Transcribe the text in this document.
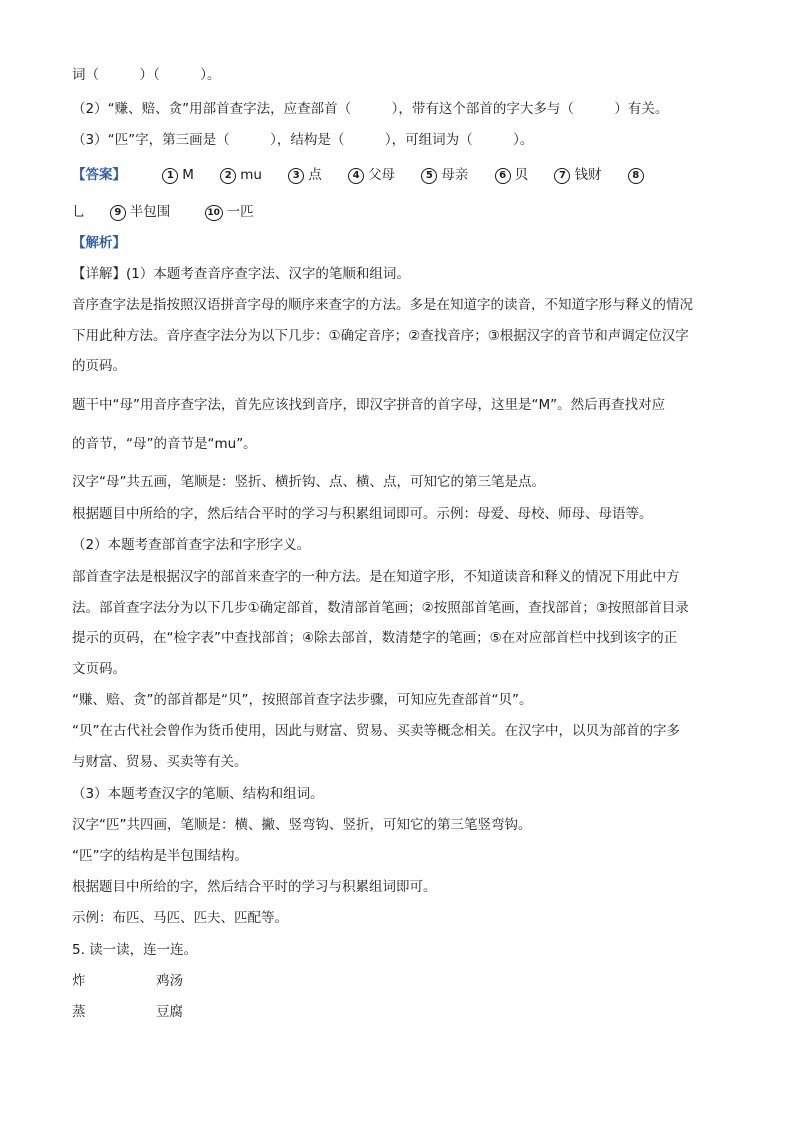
词（　　　）（　　　）。
（2）“赚、赔、贪”用部首查字法，应查部首（　　　），带有这个部首的字大多与（　　　）有关。
（3）“匹”字，第三画是（　　　），结构是（　　　），可组词为（　　　）。
【答案】	1 M	2 mu	3 点	4 父母	5 母亲	6 贝	7 钱财	8
乚	9 半包围	10 一匹
【解析】
【详解】(1）本题考查音序查字法、汉字的笔顺和组词。
音序查字法是指按照汉语拼音字母的顺序来查字的方法。多是在知道字的读音，不知道字形与释义的情况
下用此种方法。音序查字法分为以下几步：①确定音序；②查找音序；③根据汉字的音节和声调定位汉字
的页码。
题干中“母”用音序查字法，首先应该找到音序，即汉字拼音的首字母，这里是“M”。然后再查找对应
的音节，“母”的音节是“mu”。
汉字“母”共五画，笔顺是：竖折、横折钩、点、横、点，可知它的第三笔是点。
根据题目中所给的字，然后结合平时的学习与积累组词即可。示例：母爱、母校、师母、母语等。
（2）本题考查部首查字法和字形字义。
部首查字法是根据汉字的部首来查字的一种方法。是在知道字形，不知道读音和释义的情况下用此中方
法。部首查字法分为以下几步①确定部首，数清部首笔画；②按照部首笔画，查找部首；③按照部首目录
提示的页码，在“检字表”中查找部首；④除去部首，数清楚字的笔画；⑤在对应部首栏中找到该字的正
文页码。
“赚、赔、贪”的部首都是“贝”，按照部首查字法步骤，可知应先查部首“贝”。
“贝”在古代社会曾作为货币使用，因此与财富、贸易、买卖等概念相关。在汉字中，以贝为部首的字多
与财富、贸易、买卖等有关。
（3）本题考查汉字的笔顺、结构和组词。
汉字“匹”共四画，笔顺是：横、撇、竖弯钩、竖折，可知它的第三笔竖弯钩。
“匹”字的结构是半包围结构。
根据题目中所给的字，然后结合平时的学习与积累组词即可。
示例：布匹、马匹、匹夫、匹配等。
5. 读一读，连一连。
炸	鸡汤
蒸	豆腐
